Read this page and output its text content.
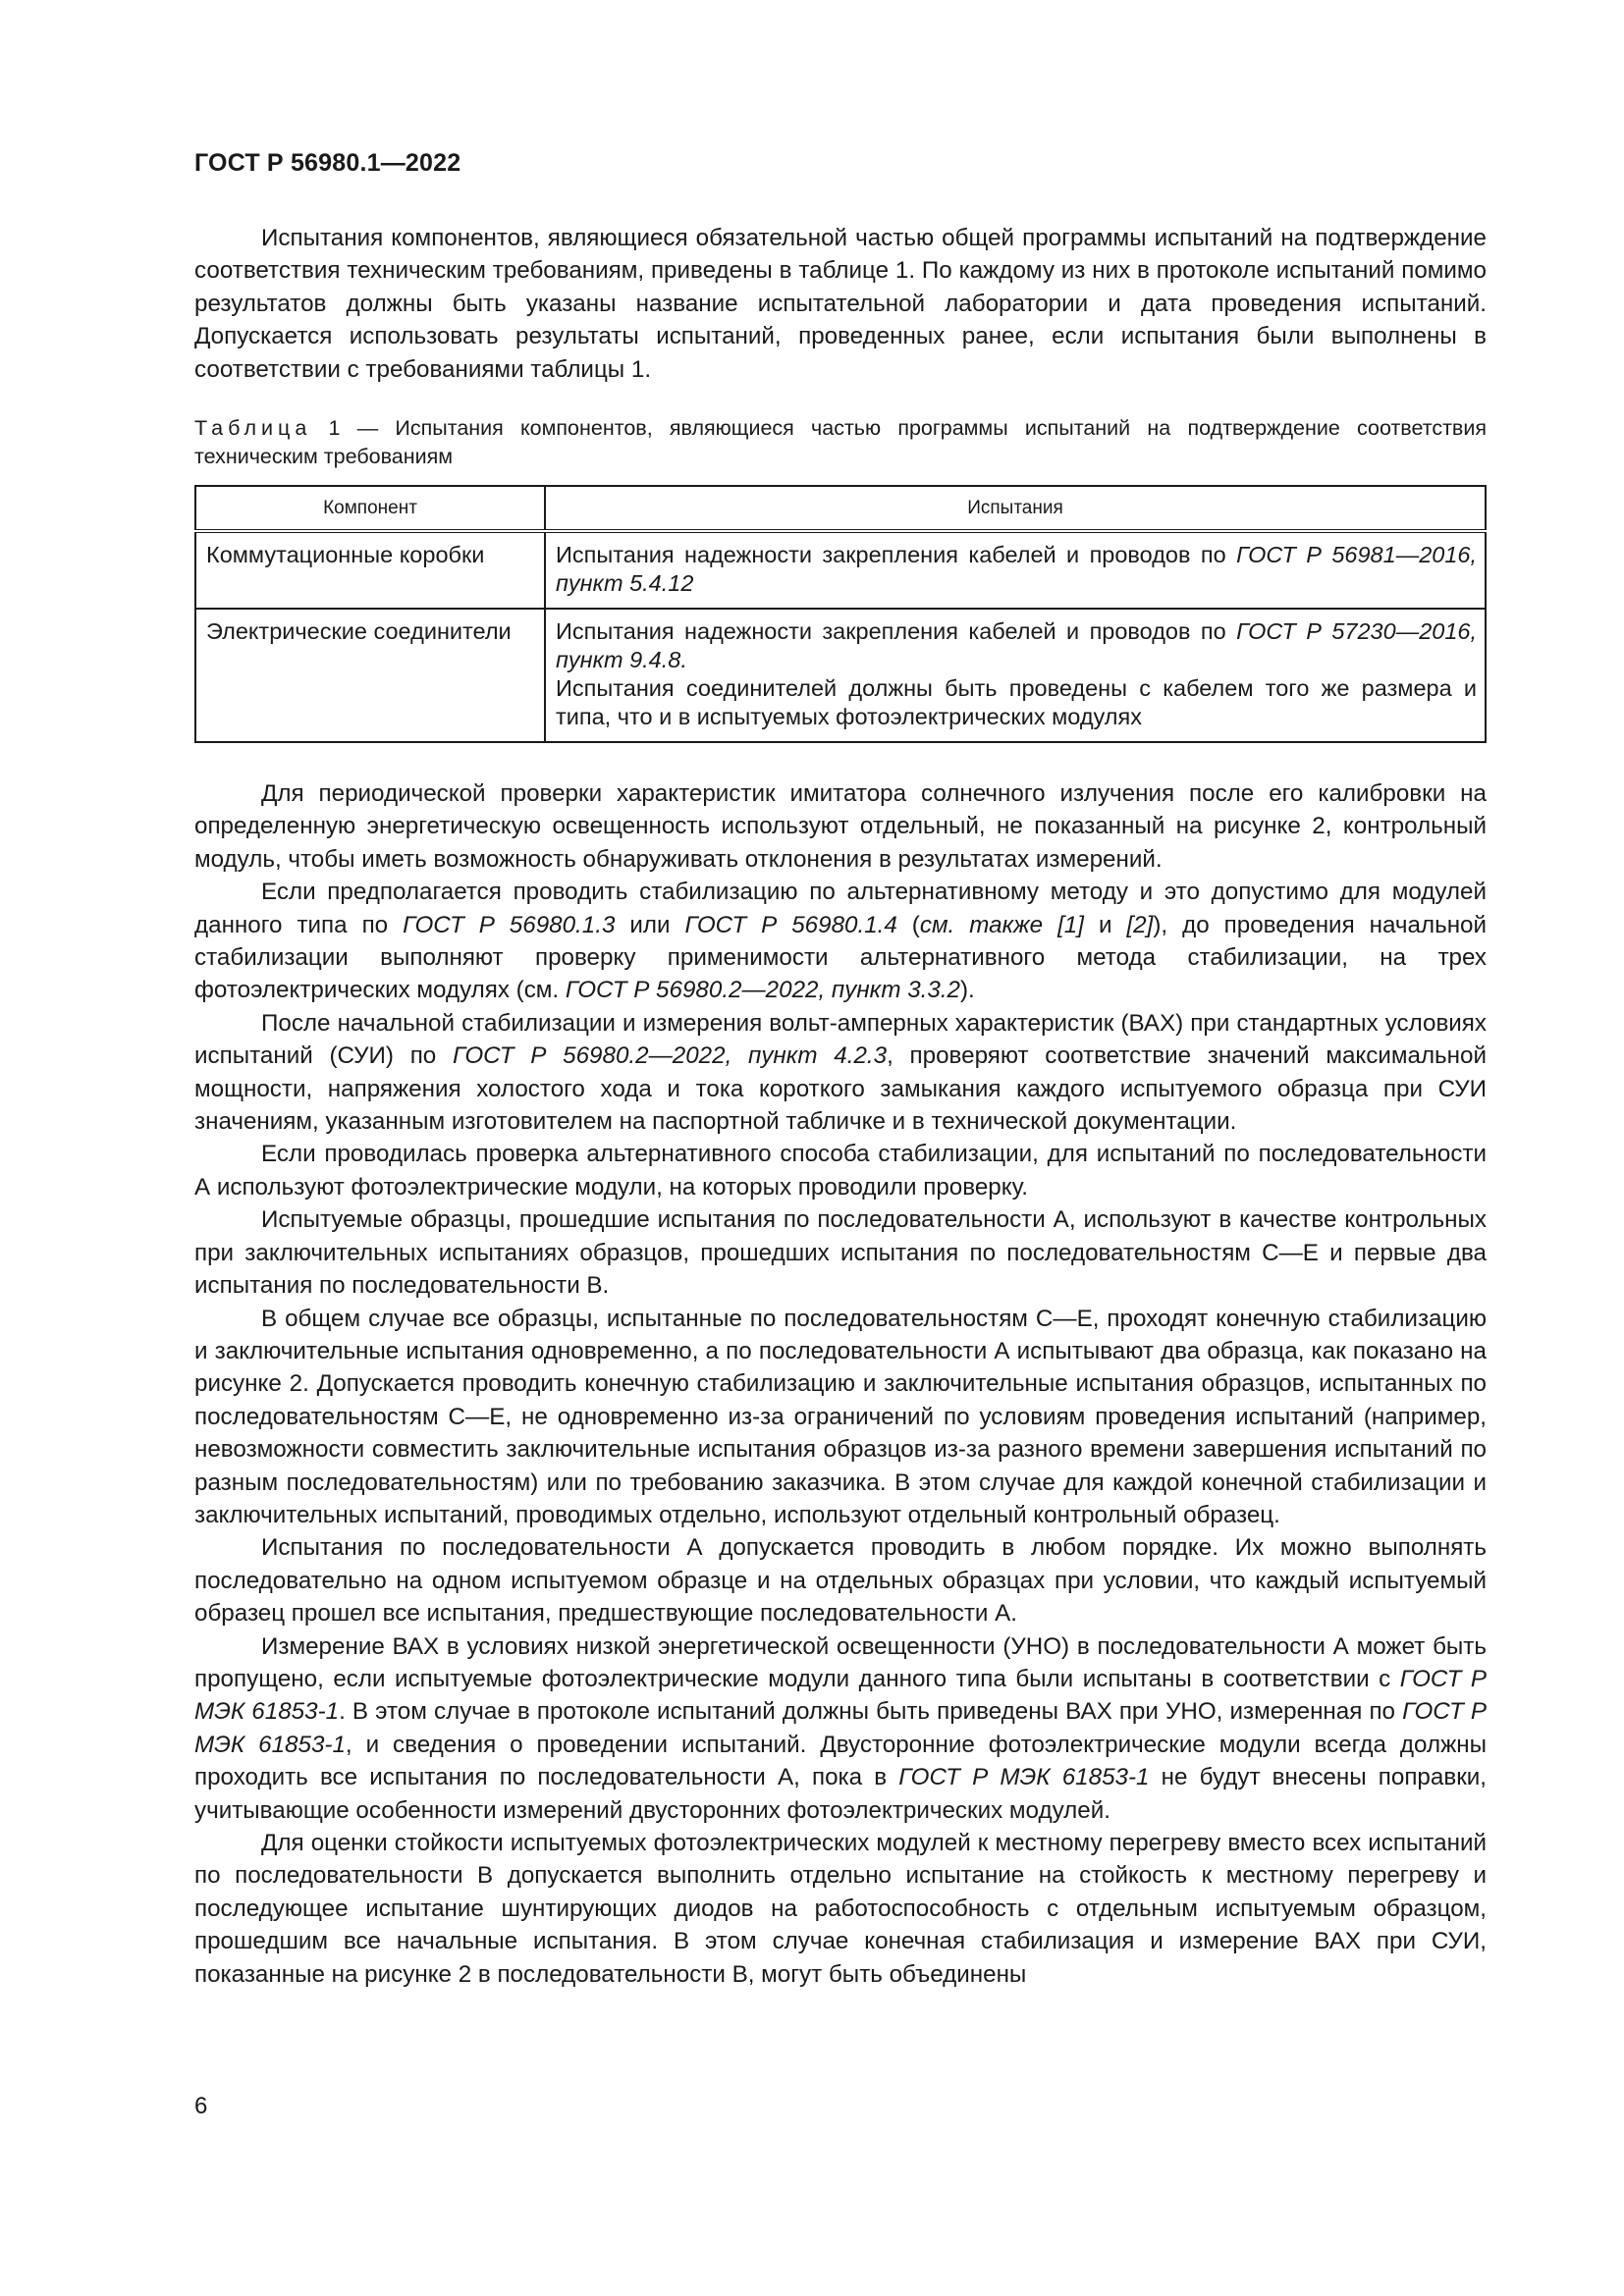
ГОСТ Р 56980.1—2022

Испытания компонентов, являющиеся обязательной частью общей программы испытаний на подтверждение соответствия техническим требованиям, приведены в таблице 1. По каждому из них в протоколе испытаний помимо результатов должны быть указаны название испытательной лаборатории и дата проведения испытаний. Допускается использовать результаты испытаний, проведенных ранее, если испытания были выполнены в соответствии с требованиями таблицы 1.

Таблица 1 — Испытания компонентов, являющиеся частью программы испытаний на подтверждение соответствия техническим требованиям

Компонент	Испытания
Коммутационные коробки	Испытания надежности закрепления кабелей и проводов по ГОСТ Р 56981—2016, пункт 5.4.12
Электрические соединители	Испытания надежности закрепления кабелей и проводов по ГОСТ Р 57230—2016, пункт 9.4.8.
Испытания соединителей должны быть проведены с кабелем того же размера и типа, что и в испытуемых фотоэлектрических модулях

Для периодической проверки характеристик имитатора солнечного излучения после его калибровки на определенную энергетическую освещенность используют отдельный, не показанный на рисунке 2, контрольный модуль, чтобы иметь возможность обнаруживать отклонения в результатах измерений.

Если предполагается проводить стабилизацию по альтернативному методу и это допустимо для модулей данного типа по ГОСТ Р 56980.1.3 или ГОСТ Р 56980.1.4 (см. также [1] и [2]), до проведения начальной стабилизации выполняют проверку применимости альтернативного метода стабилизации, на трех фотоэлектрических модулях (см. ГОСТ Р 56980.2—2022, пункт 3.3.2).

После начальной стабилизации и измерения вольт-амперных характеристик (ВАХ) при стандартных условиях испытаний (СУИ) по ГОСТ Р 56980.2—2022, пункт 4.2.3, проверяют соответствие значений максимальной мощности, напряжения холостого хода и тока короткого замыкания каждого испытуемого образца при СУИ значениям, указанным изготовителем на паспортной табличке и в технической документации.

Если проводилась проверка альтернативного способа стабилизации, для испытаний по последовательности А используют фотоэлектрические модули, на которых проводили проверку.

Испытуемые образцы, прошедшие испытания по последовательности А, используют в качестве контрольных при заключительных испытаниях образцов, прошедших испытания по последовательностям С—Е и первые два испытания по последовательности В.

В общем случае все образцы, испытанные по последовательностям С—Е, проходят конечную стабилизацию и заключительные испытания одновременно, а по последовательности А испытывают два образца, как показано на рисунке 2. Допускается проводить конечную стабилизацию и заключительные испытания образцов, испытанных по последовательностям С—Е, не одновременно из-за ограничений по условиям проведения испытаний (например, невозможности совместить заключительные испытания образцов из-за разного времени завершения испытаний по разным последовательностям) или по требованию заказчика. В этом случае для каждой конечной стабилизации и заключительных испытаний, проводимых отдельно, используют отдельный контрольный образец.

Испытания по последовательности А допускается проводить в любом порядке. Их можно выполнять последовательно на одном испытуемом образце и на отдельных образцах при условии, что каждый испытуемый образец прошел все испытания, предшествующие последовательности А.

Измерение ВАХ в условиях низкой энергетической освещенности (УНО) в последовательности А может быть пропущено, если испытуемые фотоэлектрические модули данного типа были испытаны в соответствии с ГОСТ Р МЭК 61853-1. В этом случае в протоколе испытаний должны быть приведены ВАХ при УНО, измеренная по ГОСТ Р МЭК 61853-1, и сведения о проведении испытаний. Двусторонние фотоэлектрические модули всегда должны проходить все испытания по последовательности А, пока в ГОСТ Р МЭК 61853-1 не будут внесены поправки, учитывающие особенности измерений двусторонних фотоэлектрических модулей.

Для оценки стойкости испытуемых фотоэлектрических модулей к местному перегреву вместо всех испытаний по последовательности В допускается выполнить отдельно испытание на стойкость к местному перегреву и последующее испытание шунтирующих диодов на работоспособность с отдельным испытуемым образцом, прошедшим все начальные испытания. В этом случае конечная стабилизация и измерение ВАХ при СУИ, показанные на рисунке 2 в последовательности В, могут быть объединены

6
